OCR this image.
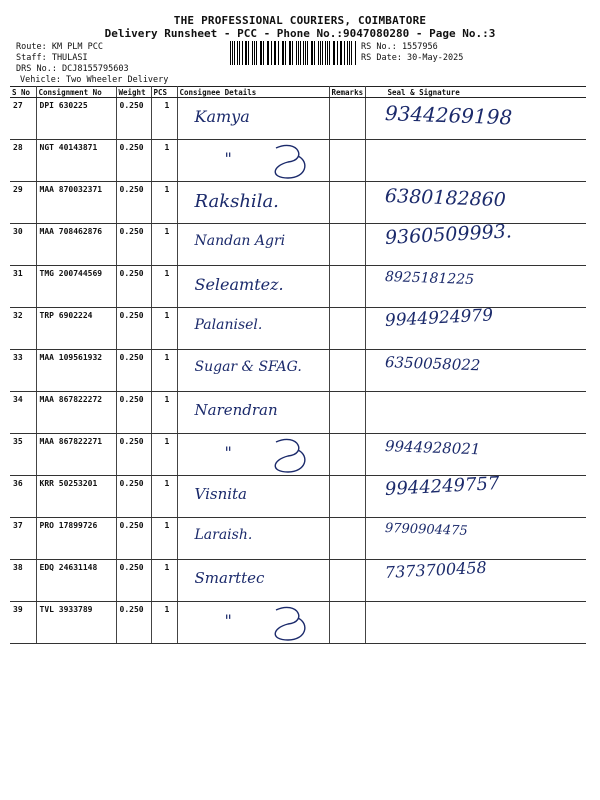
THE PROFESSIONAL COURIERS, COIMBATORE
Delivery Runsheet - PCC - Phone No.:9047080280 - Page No.:3
Route: KM PLM PCC
Staff: THULASI
DRS No.: DCJ8155795603
Vehicle: Two Wheeler Delivery
RS No.: 1557956
RS Date: 30-May-2025
S No	Consignment No	Weight	PCS	Consignee Details	Remarks	Seal & Signature
27	DPI 630225	0.250	1	Kamya		9344269198

28	NGT 40143871	0.250	1	"		

29	MAA 870032371	0.250	1	Rakshila.		6380182860

30	MAA 708462876	0.250	1	Nandan Agri		9360509993.

31	TMG 200744569	0.250	1	Seleamtez.		8925181225

32	TRP 6902224	0.250	1	Palanisel.		9944924979

33	MAA 109561932	0.250	1	Sugar & SFAG.		6350058022

34	MAA 867822272	0.250	1	Narendran		

35	MAA 867822271	0.250	1	"		9944928021

36	KRR 50253201	0.250	1	Visnita		9944249757

37	PRO 17899726	0.250	1	Laraish.		9790904475

38	EDQ 24631148	0.250	1	Smarttec		7373700458

39	TVL 3933789	0.250	1	"		
